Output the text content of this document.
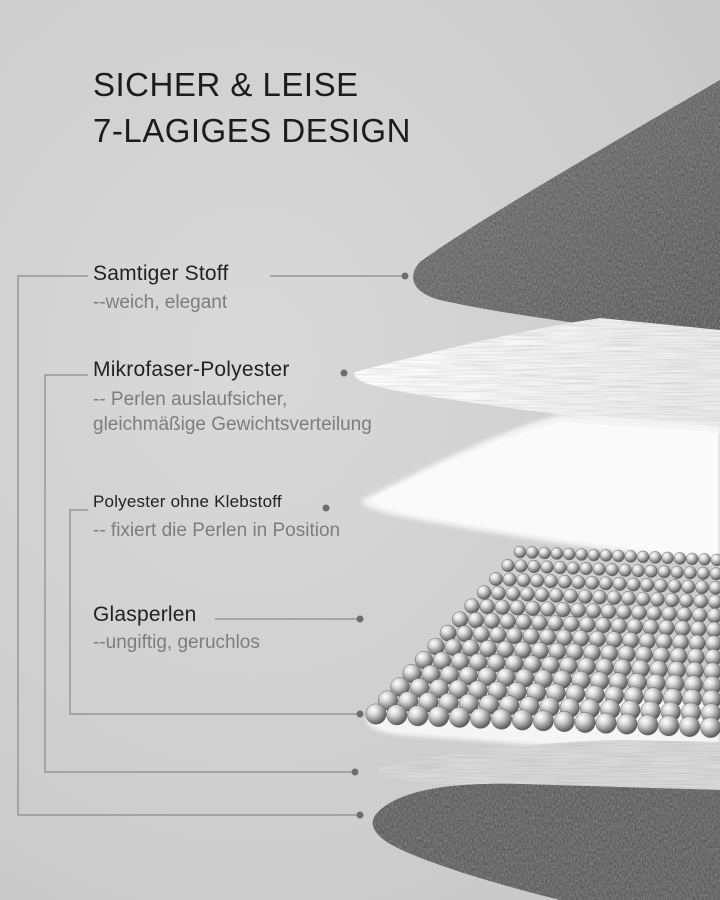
SICHER & LEISE
7-LAGIGES DESIGN
Samtiger Stoff
--weich, elegant
Mikrofaser-Polyester
-- Perlen auslaufsicher,
gleichmäßige Gewichtsverteilung
Polyester ohne Klebstoff
-- fixiert die Perlen in Position
Glasperlen
--ungiftig, geruchlos
